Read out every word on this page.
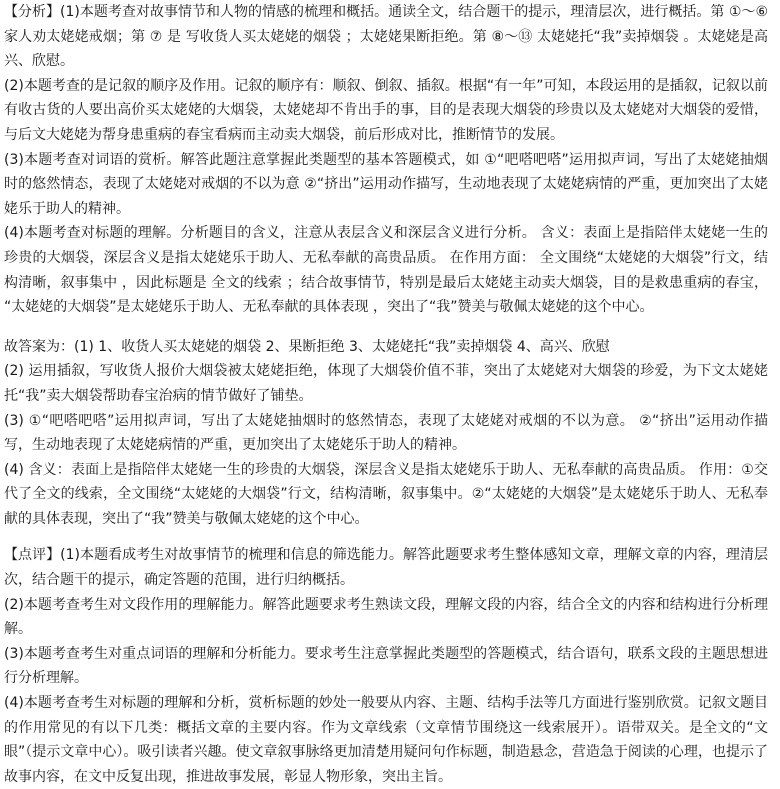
【分析】(1)本题考查对故事情节和人物的情感的梳理和概括。通读全文，结合题干的提示，理清层次，进行概括。第 ①～⑥ 家人劝太姥姥戒烟；第 ⑦ 是 写收货人买太姥姥的烟袋 ；太姥姥果断拒绝。第 ⑧～⑬ 太姥姥托“我”卖掉烟袋 。太姥姥是高兴、欣慰。

(2)本题考查的是记叙的顺序及作用。记叙的顺序有：顺叙、倒叙、插叙。根据“有一年”可知，本段运用的是插叙，记叙以前有收古货的人要出高价买太姥姥的大烟袋，太姥姥却不肯出手的事，目的是表现大烟袋的珍贵以及太姥姥对大烟袋的爱惜，与后文大姥姥为帮身患重病的春宝看病而主动卖大烟袋，前后形成对比，推断情节的发展。

(3)本题考查对词语的赏析。解答此题注意掌握此类题型的基本答题模式，如 ①“吧嗒吧嗒”运用拟声词，写出了太姥姥抽烟时的悠然情态，表现了太姥姥对戒烟的不以为意 ②“挤出”运用动作描写，生动地表现了太姥姥病情的严重，更加突出了太姥姥乐于助人的精神。

(4)本题考查对标题的理解。分析题目的含义，注意从表层含义和深层含义进行分析。 含义：表面上是指陪伴太姥姥一生的珍贵的大烟袋，深层含义是指太姥姥乐于助人、无私奉献的高贵品质。 在作用方面： 全文围绕“太姥姥的大烟袋”行文，结构清晰，叙事集中 ，因此标题是 全文的线索 ；结合故事情节，特别是最后太姥姥主动卖大烟袋，目的是救患重病的春宝， “太姥姥的大烟袋”是太姥姥乐于助人、无私奉献的具体表现 ，突出了“我”赞美与敬佩太姥姥的这个中心。

故答案为：(1) 1、收货人买太姥姥的烟袋 2、果断拒绝 3、太姥姥托“我”卖掉烟袋 4、高兴、欣慰

(2) 运用插叙，写收货人报价大烟袋被太姥姥拒绝，体现了大烟袋价值不菲，突出了太姥姥对大烟袋的珍爱，为下文太姥姥托“我”卖大烟袋帮助春宝治病的情节做好了铺垫。

(3) ①“吧嗒吧嗒”运用拟声词，写出了太姥姥抽烟时的悠然情态，表现了太姥姥对戒烟的不以为意。 ②“挤出”运用动作描写，生动地表现了太姥姥病情的严重，更加突出了太姥姥乐于助人的精神。

(4) 含义：表面上是指陪伴太姥姥一生的珍贵的大烟袋，深层含义是指太姥姥乐于助人、无私奉献的高贵品质。 作用：①交代了全文的线索，全文围绕“太姥姥的大烟袋”行文，结构清晰，叙事集中。②“太姥姥的大烟袋”是太姥姥乐于助人、无私奉献的具体表现，突出了“我”赞美与敬佩太姥姥的这个中心。

【点评】(1)本题看成考生对故事情节的梳理和信息的筛选能力。解答此题要求考生整体感知文章，理解文章的内容，理清层次，结合题干的提示，确定答题的范围，进行归纳概括。

(2)本题考查考生对文段作用的理解能力。解答此题要求考生熟读文段，理解文段的内容，结合全文的内容和结构进行分析理解。

(3)本题考查考生对重点词语的理解和分析能力。要求考生注意掌握此类题型的答题模式，结合语句，联系文段的主题思想进行分析理解。

(4)本题考查考生对标题的理解和分析，赏析标题的妙处一般要从内容、主题、结构手法等几方面进行鉴别欣赏。记叙文题目的作用常见的有以下几类：概括文章的主要内容。作为文章线索（文章情节围绕这一线索展开）。语带双关。是全文的“文眼”（提示文章中心）。吸引读者兴趣。使文章叙事脉络更加清楚用疑问句作标题，制造悬念，营造急于阅读的心理，也提示了故事内容，在文中反复出现，推进故事发展，彰显人物形象，突出主旨。
